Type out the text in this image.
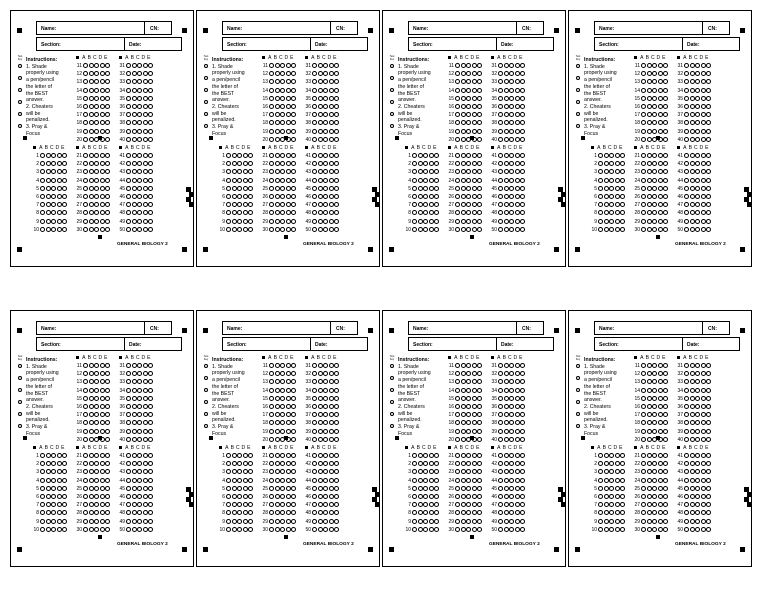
Name:	CN:
Section:	Date:
Test Key Instructions:
1. Shade
properly using
a pen/pencil
the letter of
the BEST
answer.
2. Cheaters
will be
penalized.
3. Pray &
Focus
A B C D E
11
12
13
14
15
16
17
18
19
20
A B C D E
31
32
33
34
35
36
37
38
39
40
A B C D E
1
2
3
4
5
6
7
8
9
10
A B C D E
21
22
23
24
25
26
27
28
29
30
A B C D E
41
42
43
44
45
46
47
48
49
50
GENERAL BIOLOGY 2
Name:	CN:
Section:	Date:
Test Key Instructions:
1. Shade
properly using
a pen/pencil
the letter of
the BEST
answer.
2. Cheaters
will be
penalized.
3. Pray &
Focus
A B C D E
11
12
13
14
15
16
17
18
19
20
A B C D E
31
32
33
34
35
36
37
38
39
40
A B C D E
1
2
3
4
5
6
7
8
9
10
A B C D E
21
22
23
24
25
26
27
28
29
30
A B C D E
41
42
43
44
45
46
47
48
49
50
GENERAL BIOLOGY 2
Name:	CN:
Section:	Date:
Test Key Instructions:
1. Shade
properly using
a pen/pencil
the letter of
the BEST
answer.
2. Cheaters
will be
penalized.
3. Pray &
Focus
A B C D E
11
12
13
14
15
16
17
18
19
20
A B C D E
31
32
33
34
35
36
37
38
39
40
A B C D E
1
2
3
4
5
6
7
8
9
10
A B C D E
21
22
23
24
25
26
27
28
29
30
A B C D E
41
42
43
44
45
46
47
48
49
50
GENERAL BIOLOGY 2
Name:	CN:
Section:	Date:
Test Key Instructions:
1. Shade
properly using
a pen/pencil
the letter of
the BEST
answer.
2. Cheaters
will be
penalized.
3. Pray &
Focus
A B C D E
11
12
13
14
15
16
17
18
19
20
A B C D E
31
32
33
34
35
36
37
38
39
40
A B C D E
1
2
3
4
5
6
7
8
9
10
A B C D E
21
22
23
24
25
26
27
28
29
30
A B C D E
41
42
43
44
45
46
47
48
49
50
GENERAL BIOLOGY 2
Name:	CN:
Section:	Date:
Test Key Instructions:
1. Shade
properly using
a pen/pencil
the letter of
the BEST
answer.
2. Cheaters
will be
penalized.
3. Pray &
Focus
A B C D E
11
12
13
14
15
16
17
18
19
20
A B C D E
31
32
33
34
35
36
37
38
39
40
A B C D E
1
2
3
4
5
6
7
8
9
10
A B C D E
21
22
23
24
25
26
27
28
29
30
A B C D E
41
42
43
44
45
46
47
48
49
50
GENERAL BIOLOGY 2
Name:	CN:
Section:	Date:
Test Key Instructions:
1. Shade
properly using
a pen/pencil
the letter of
the BEST
answer.
2. Cheaters
will be
penalized.
3. Pray &
Focus
A B C D E
11
12
13
14
15
16
17
18
19
20
A B C D E
31
32
33
34
35
36
37
38
39
40
A B C D E
1
2
3
4
5
6
7
8
9
10
A B C D E
21
22
23
24
25
26
27
28
29
30
A B C D E
41
42
43
44
45
46
47
48
49
50
GENERAL BIOLOGY 2
Name:	CN:
Section:	Date:
Test Key Instructions:
1. Shade
properly using
a pen/pencil
the letter of
the BEST
answer.
2. Cheaters
will be
penalized.
3. Pray &
Focus
A B C D E
11
12
13
14
15
16
17
18
19
20
A B C D E
31
32
33
34
35
36
37
38
39
40
A B C D E
1
2
3
4
5
6
7
8
9
10
A B C D E
21
22
23
24
25
26
27
28
29
30
A B C D E
41
42
43
44
45
46
47
48
49
50
GENERAL BIOLOGY 2
Name:	CN:
Section:	Date:
Test Key Instructions:
1. Shade
properly using
a pen/pencil
the letter of
the BEST
answer.
2. Cheaters
will be
penalized.
3. Pray &
Focus
A B C D E
11
12
13
14
15
16
17
18
19
20
A B C D E
31
32
33
34
35
36
37
38
39
40
A B C D E
1
2
3
4
5
6
7
8
9
10
A B C D E
21
22
23
24
25
26
27
28
29
30
A B C D E
41
42
43
44
45
46
47
48
49
50
GENERAL BIOLOGY 2
